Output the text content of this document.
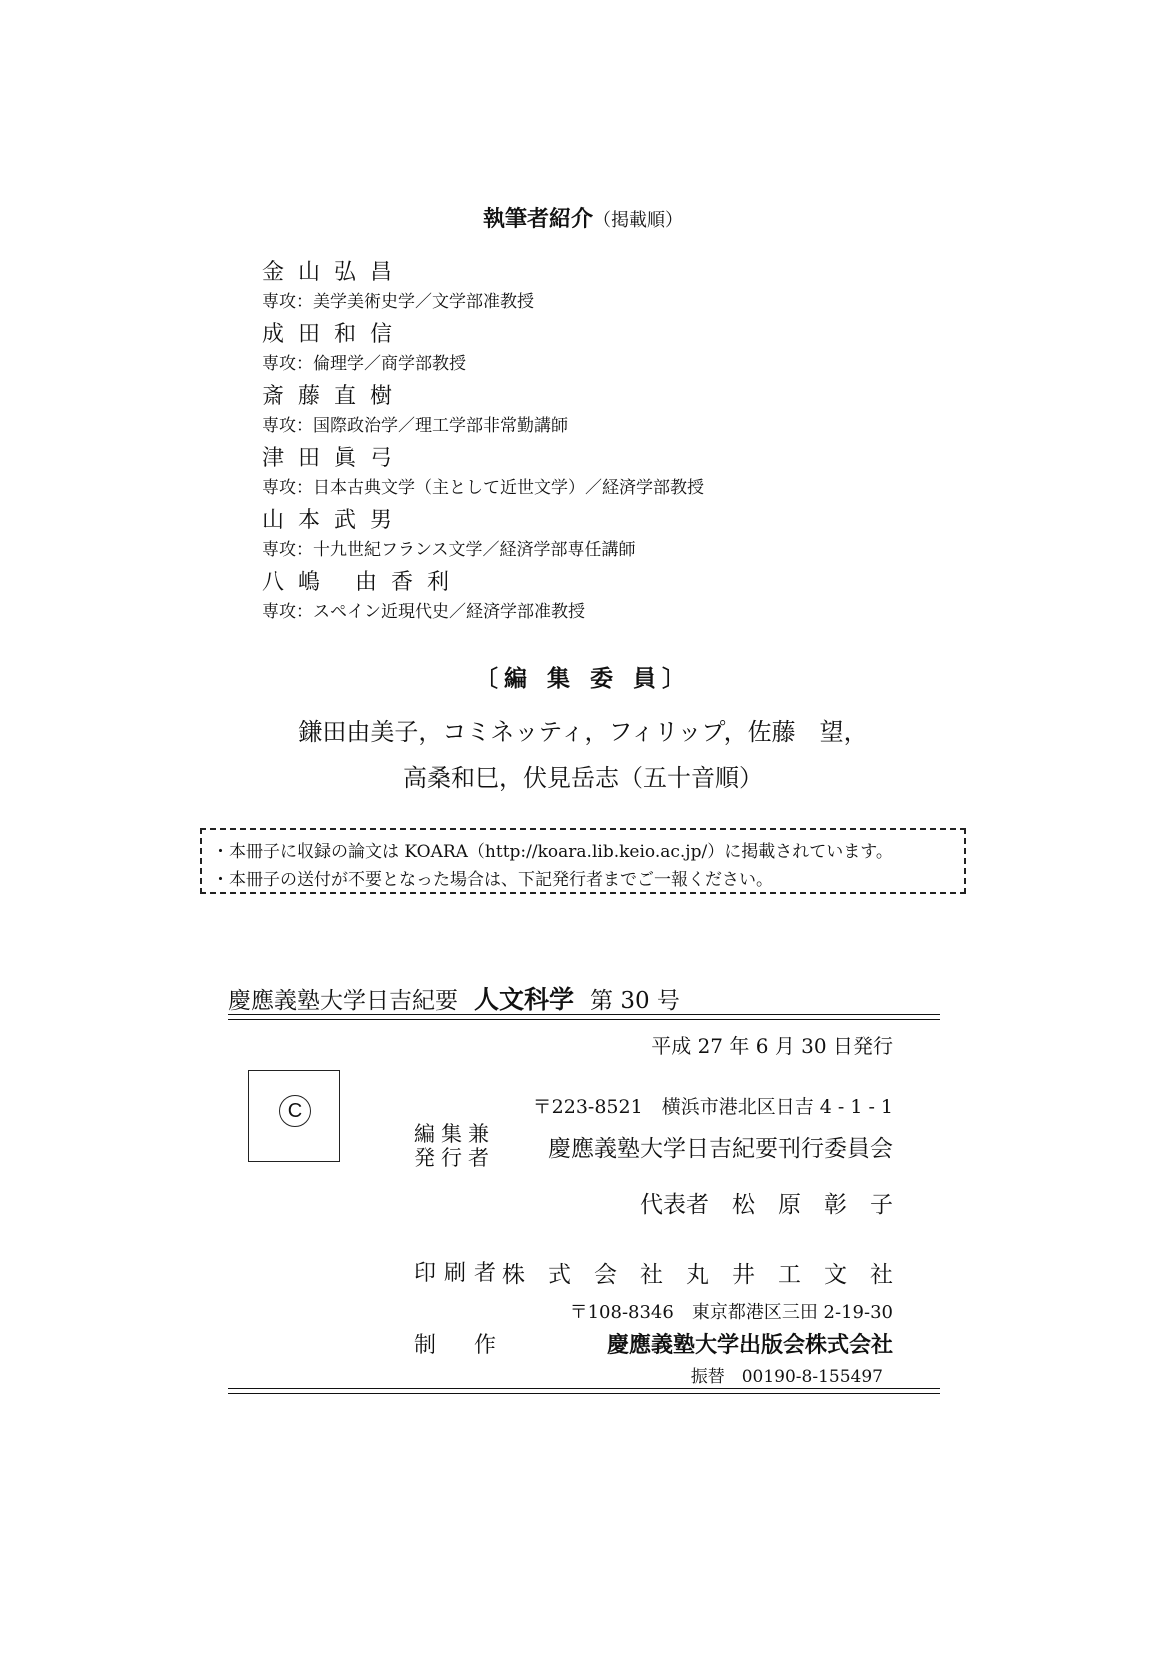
執筆者紹介（掲載順）
金山弘昌
専攻：美学美術史学／文学部准教授
成田和信
専攻：倫理学／商学部教授
斎藤直樹
専攻：国際政治学／理工学部非常勤講師
津田眞弓
専攻：日本古典文学（主として近世文学）／経済学部教授
山本武男
専攻：十九世紀フランス文学／経済学部専任講師
八嶋 由香利
専攻：スペイン近現代史／経済学部准教授
〔編 集 委 員〕
鎌田由美子，コミネッティ，フィリップ，佐藤　望，
高桑和巳，伏見岳志（五十音順）
・本冊子に収録の論文は KOARA（http://koara.lib.keio.ac.jp/）に掲載されています。
・本冊子の送付が不要となった場合は、下記発行者までご一報ください。
慶應義塾大学日吉紀要 人文科学 第 30 号
平成 27 年 6 月 30 日発行
C	〒223-8521　横浜市港北区日吉 4 - 1 - 1
編集兼
発行者 慶應義塾大学日吉紀要刊行委員会
代表者　松　原　彰　子
印刷者
株　式　会　社　丸　井　工　文　社
〒108-8346　東京都港区三田 2-19-30
制　作	慶應義塾大学出版会株式会社
振替　00190-8-155497
